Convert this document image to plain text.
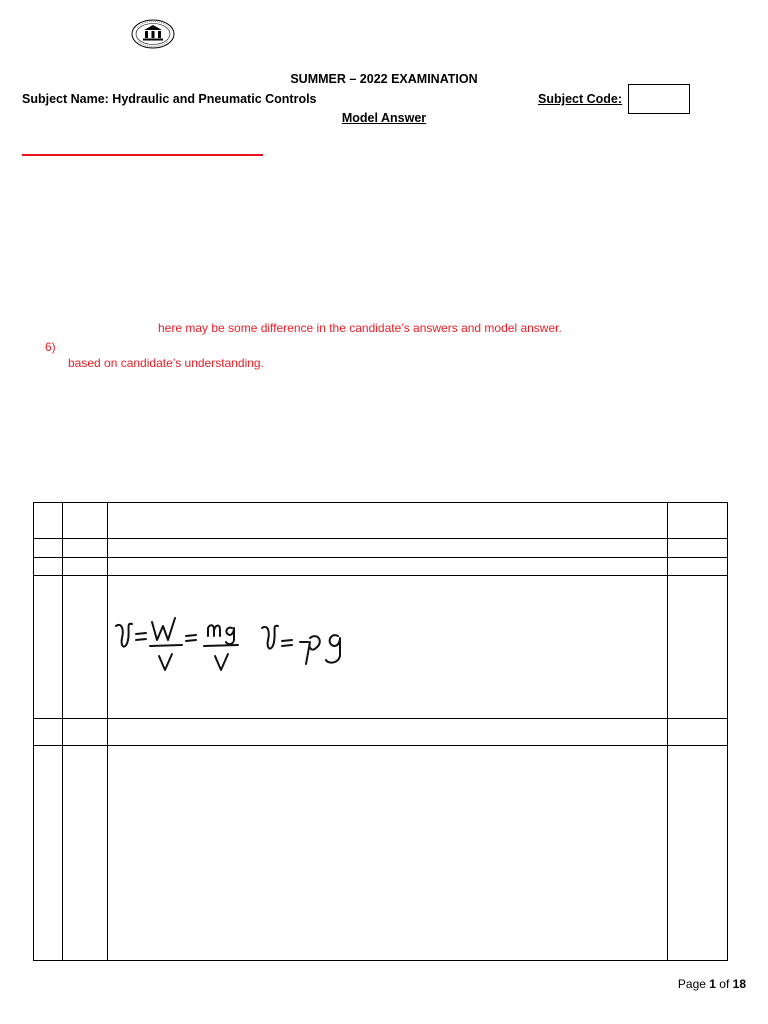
SUMMER – 2022 EXAMINATION
Subject Name: Hydraulic and Pneumatic Controls	Subject Code:
Model Answer
here may be some difference in the candidate’s answers and model answer.
6)
based on candidate’s understanding.
Page 1 of 18
